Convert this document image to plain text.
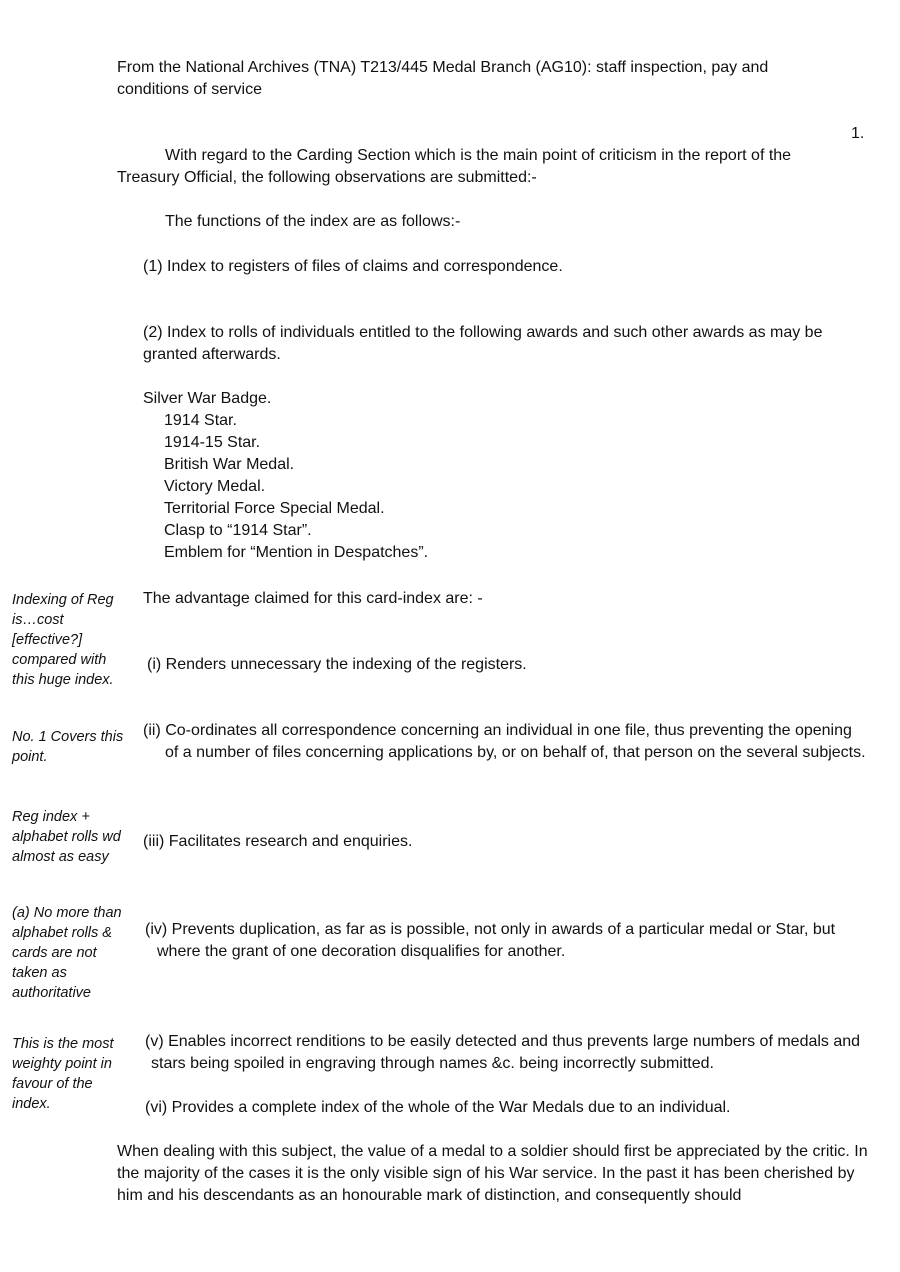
From the National Archives (TNA) T213/445 Medal Branch (AG10): staff inspection, pay and conditions of service

1.

With regard to the Carding Section which is the main point of criticism in the report of the Treasury Official, the following observations are submitted:-

The functions of the index are as follows:-

(1) Index to registers of files of claims and correspondence.

(2) Index to rolls of individuals entitled to the following awards and such other awards as may be granted afterwards.

Silver War Badge.
1914 Star.
1914-15 Star.
British War Medal.
Victory Medal.
Territorial Force Special Medal.
Clasp to “1914 Star”.
Emblem for “Mention in Despatches”.

The advantage claimed for this card-index are: -

(i) Renders unnecessary the indexing of the registers.

(ii) Co-ordinates all correspondence concerning an individual in one file, thus preventing the opening of a number of files concerning applications by, or on behalf of, that person on the several subjects.

(iii) Facilitates research and enquiries.

(iv) Prevents duplication, as far as is possible, not only in awards of a particular medal or Star, but where the grant of one decoration disqualifies for another.

(v) Enables incorrect renditions to be easily detected and thus prevents large numbers of medals and stars being spoiled in engraving through names &c. being incorrectly submitted.

(vi) Provides a complete index of the whole of the War Medals due to an individual.

When dealing with this subject, the value of a medal to a soldier should first be appreciated by the critic. In the majority of the cases it is the only visible sign of his War service. In the past it has been cherished by him and his descendants as an honourable mark of distinction, and consequently should

Indexing of Reg is…cost [effective?] compared with this huge index.
No. 1 Covers this point.
Reg index + alphabet rolls wd almost as easy
(a) No more than alphabet rolls & cards are not taken as authoritative
This is the most weighty point in favour of the index.
